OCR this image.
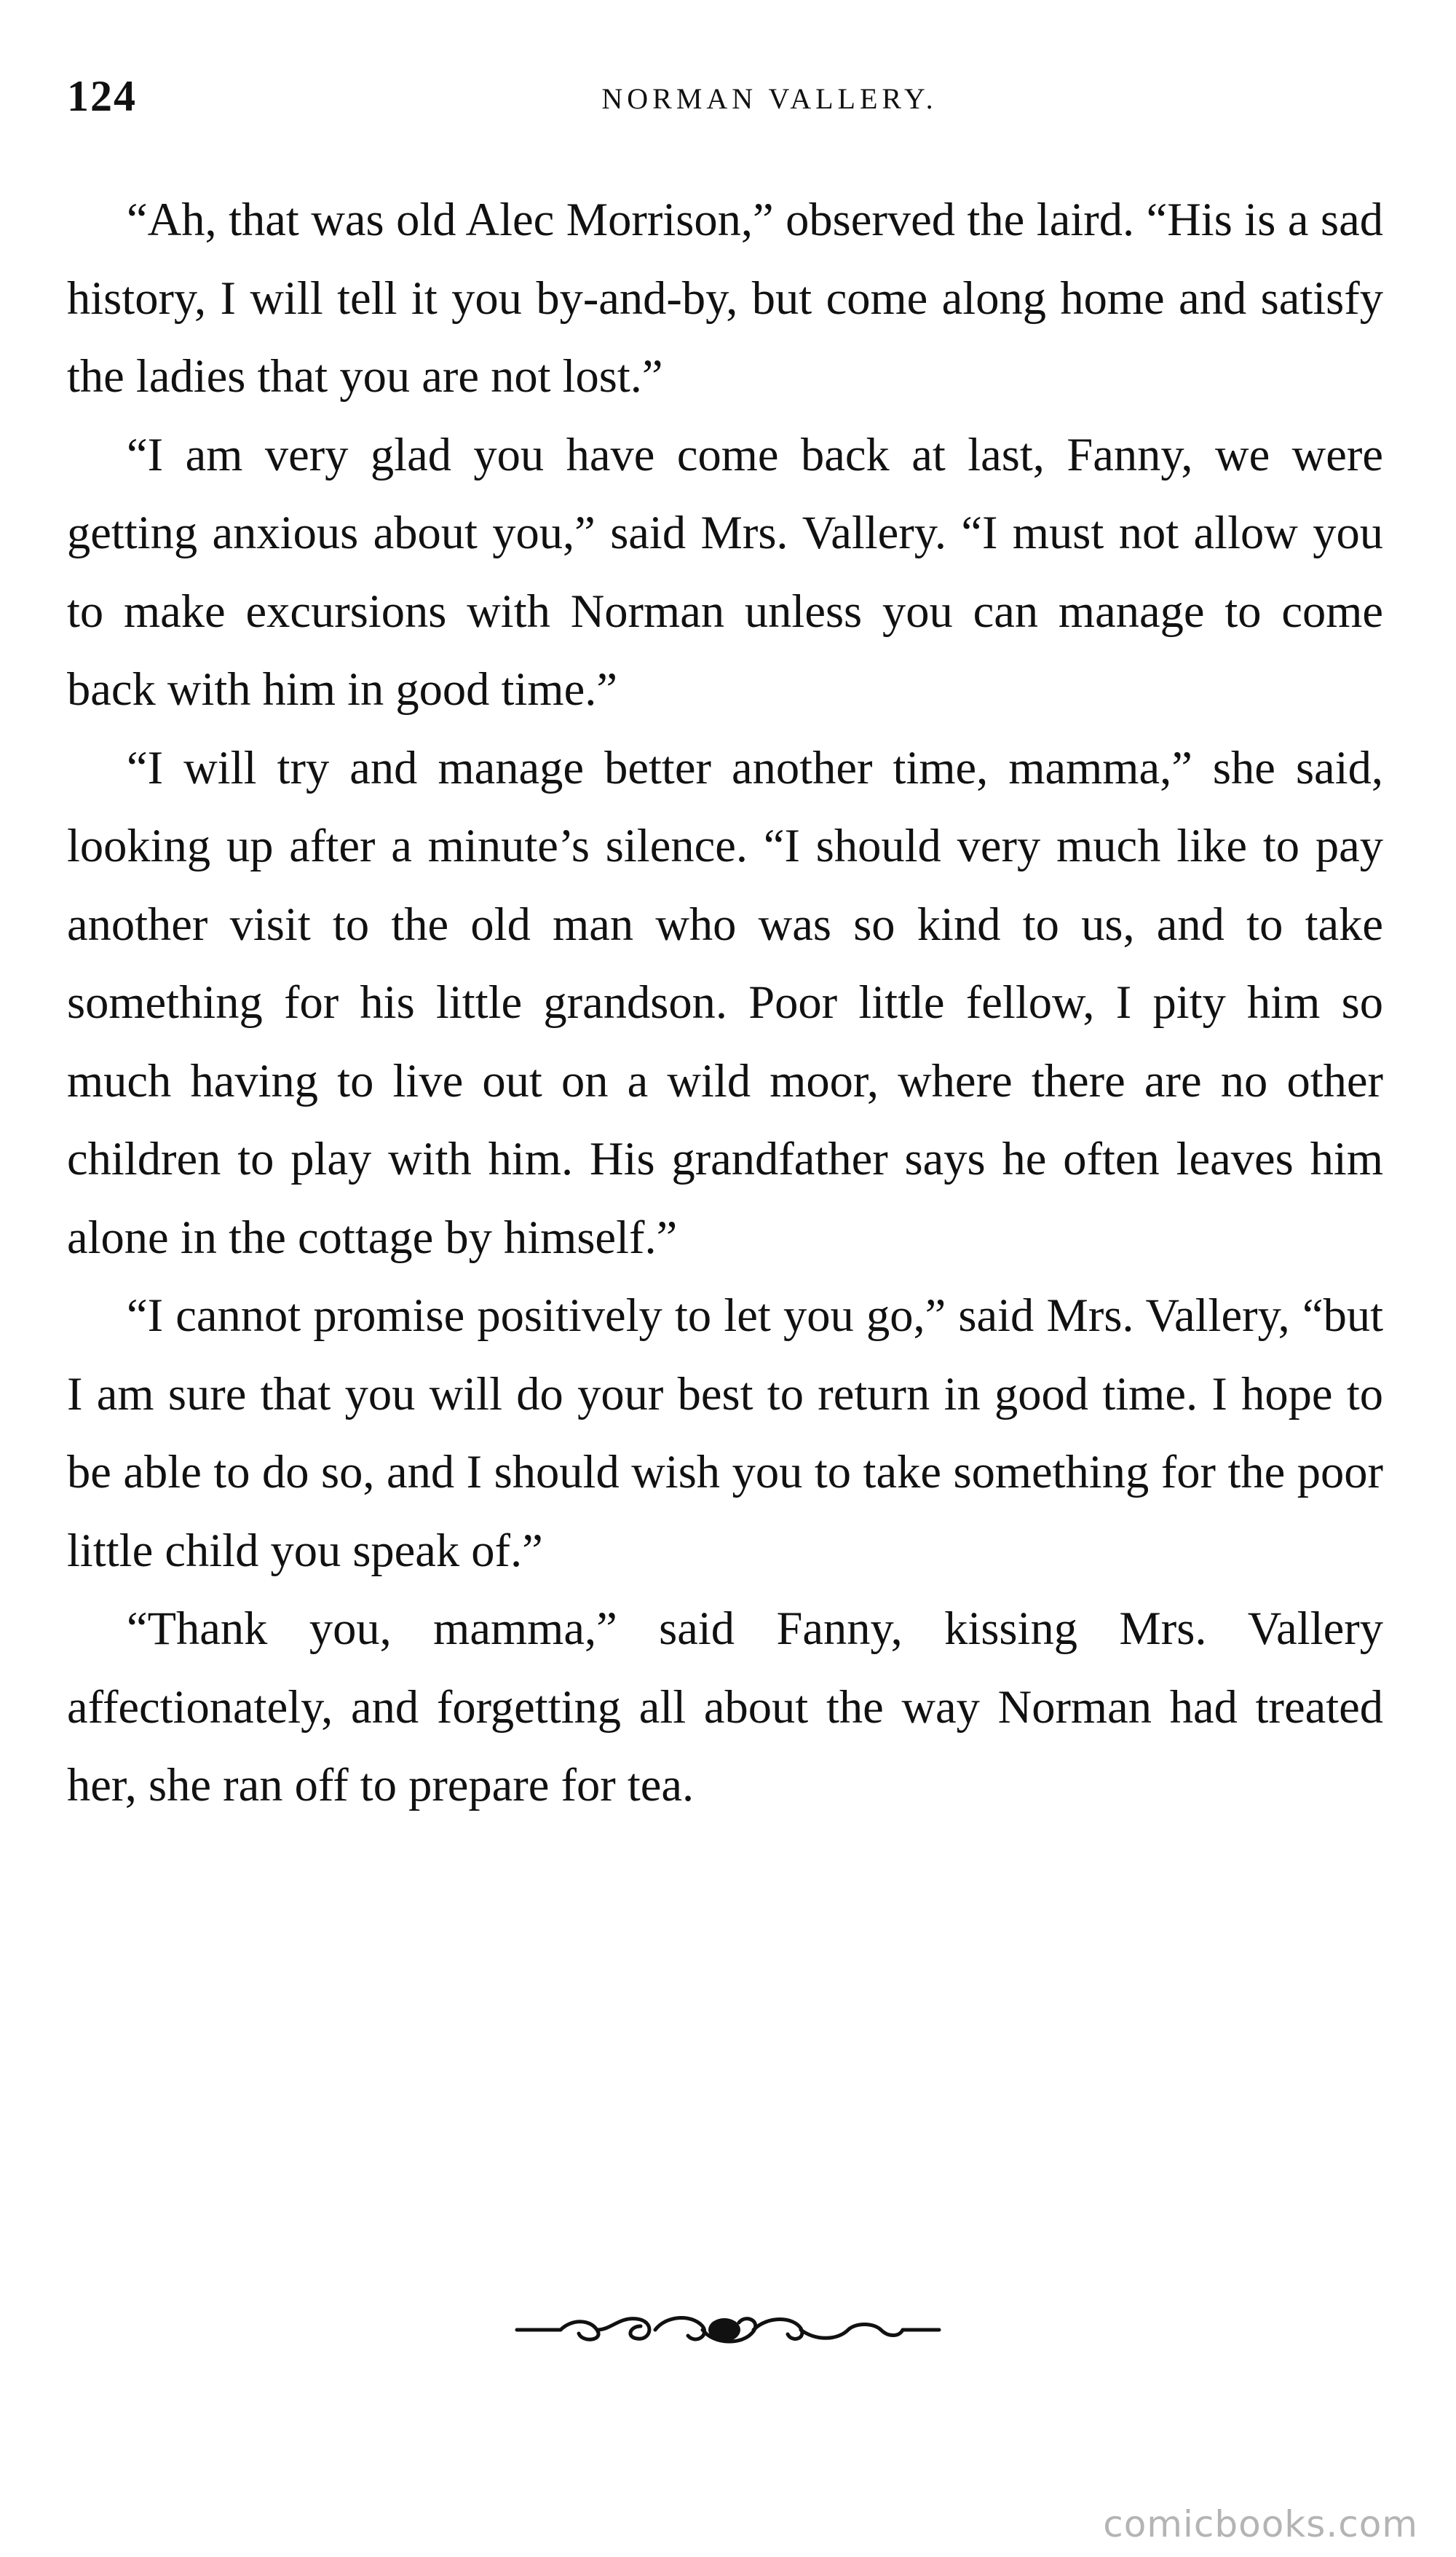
124	NORMAN VALLERY.

“Ah, that was old Alec Morrison,” observed the laird. “His is a sad history, I will tell it you by-and-by, but come along home and satisfy the ladies that you are not lost.”

“I am very glad you have come back at last, Fanny, we were getting anxious about you,” said Mrs. Vallery. “I must not allow you to make excursions with Norman unless you can manage to come back with him in good time.”

“I will try and manage better another time, mamma,” she said, looking up after a minute’s silence. “I should very much like to pay another visit to the old man who was so kind to us, and to take something for his little grandson. Poor little fellow, I pity him so much having to live out on a wild moor, where there are no other children to play with him. His grandfather says he often leaves him alone in the cottage by himself.”

“I cannot promise positively to let you go,” said Mrs. Vallery, “but I am sure that you will do your best to return in good time. I hope to be able to do so, and I should wish you to take something for the poor little child you speak of.”

“Thank you, mamma,” said Fanny, kissing Mrs. Vallery affectionately, and forgetting all about the way Norman had treated her, she ran off to prepare for tea.

comicbooks.com
